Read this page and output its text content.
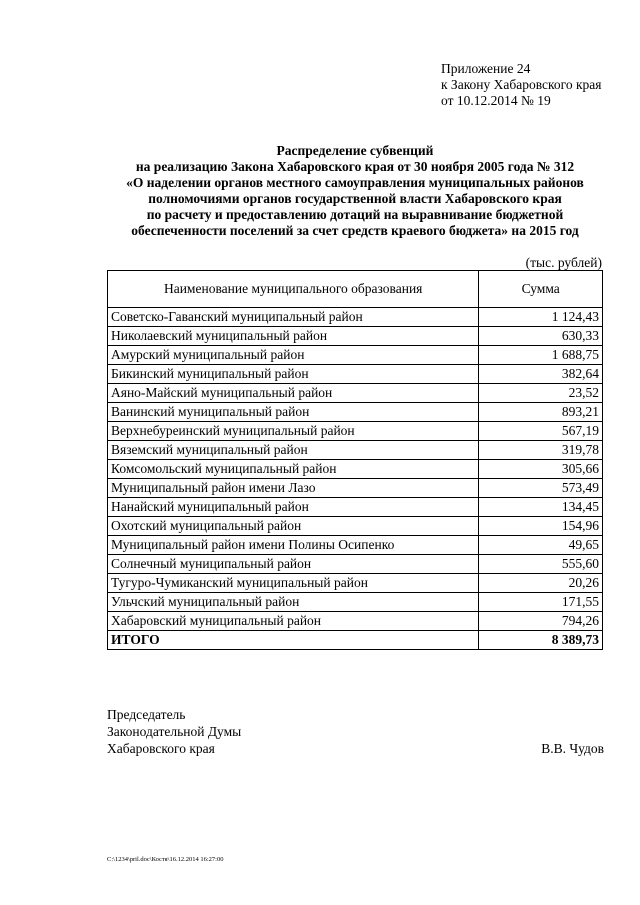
Приложение 24
к Закону Хабаровского края
от 10.12.2014 № 19
Распределение субвенций
на реализацию Закона Хабаровского края от 30 ноября 2005 года № 312
«О наделении органов местного самоуправления муниципальных районов
полномочиями органов государственной власти Хабаровского края
по расчету и предоставлению дотаций на выравнивание бюджетной
обеспеченности поселений за счет средств краевого бюджета» на 2015 год
(тыс. рублей)
Наименование муниципального образования	Сумма
Советско-Гаванский муниципальный район	1 124,43
Николаевский муниципальный район	630,33
Амурский муниципальный район	1 688,75
Бикинский муниципальный район	382,64
Аяно-Майский муниципальный район	23,52
Ванинский муниципальный район	893,21
Верхнебуреинский муниципальный район	567,19
Вяземский муниципальный район	319,78
Комсомольский муниципальный район	305,66
Муниципальный район имени Лазо	573,49
Нанайский муниципальный район	134,45
Охотский муниципальный район	154,96
Муниципальный район имени Полины Осипенко	49,65
Солнечный муниципальный район	555,60
Тугуро-Чумиканский муниципальный район	20,26
Ульчский муниципальный район	171,55
Хабаровский муниципальный район	794,26
ИТОГО	8 389,73
Председатель
Законодательной Думы
Хабаровского края	В.В. Чудов
C:\1234\pril.doc\Костя\16.12.2014 16:27:00
